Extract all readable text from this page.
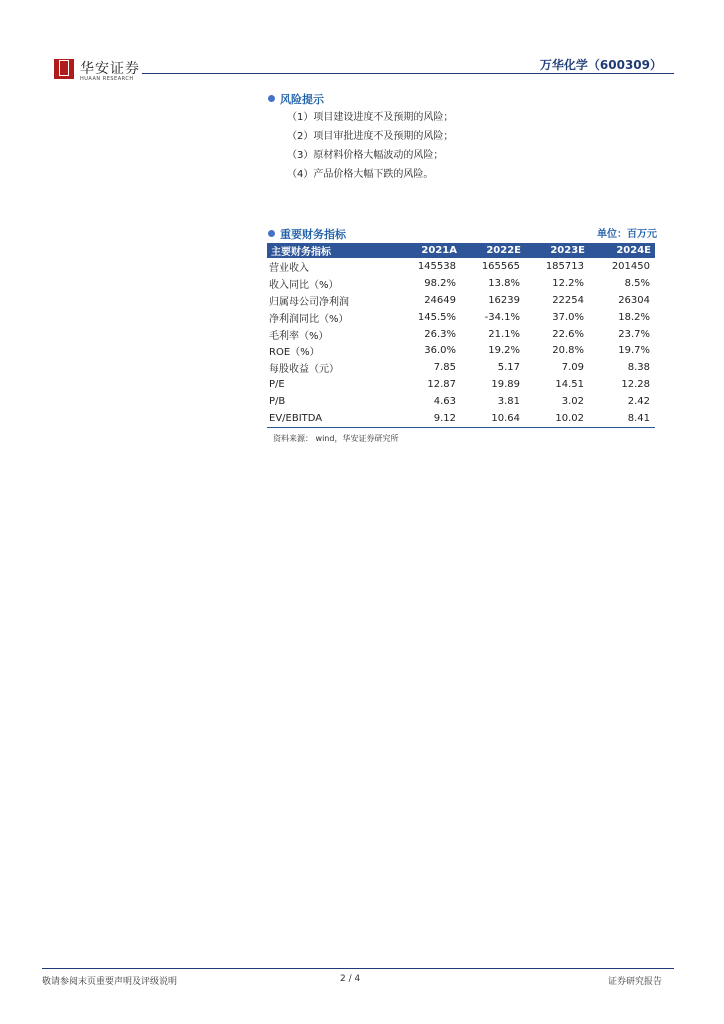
华安证券
HUAAN RESEARCH
万华化学（600309）
风险提示
（1）项目建设进度不及预期的风险；
（2）项目审批进度不及预期的风险；
（3）原材料价格大幅波动的风险；
（4）产品价格大幅下跌的风险。
重要财务指标	单位：百万元
主要财务指标	2021A	2022E	2023E	2024E
营业收入	145538	165565	185713	201450
收入同比（%）	98.2%	13.8%	12.2%	8.5%
归属母公司净利润	24649	16239	22254	26304
净利润同比（%）	145.5%	-34.1%	37.0%	18.2%
毛利率（%）	26.3%	21.1%	22.6%	23.7%
ROE（%）	36.0%	19.2%	20.8%	19.7%
每股收益（元）	7.85	5.17	7.09	8.38
P/E	12.87	19.89	14.51	12.28
P/B	4.63	3.81	3.02	2.42
EV/EBITDA	9.12	10.64	10.02	8.41
资料来源： wind，华安证券研究所
敬请参阅末页重要声明及评级说明	2 / 4	证券研究报告
